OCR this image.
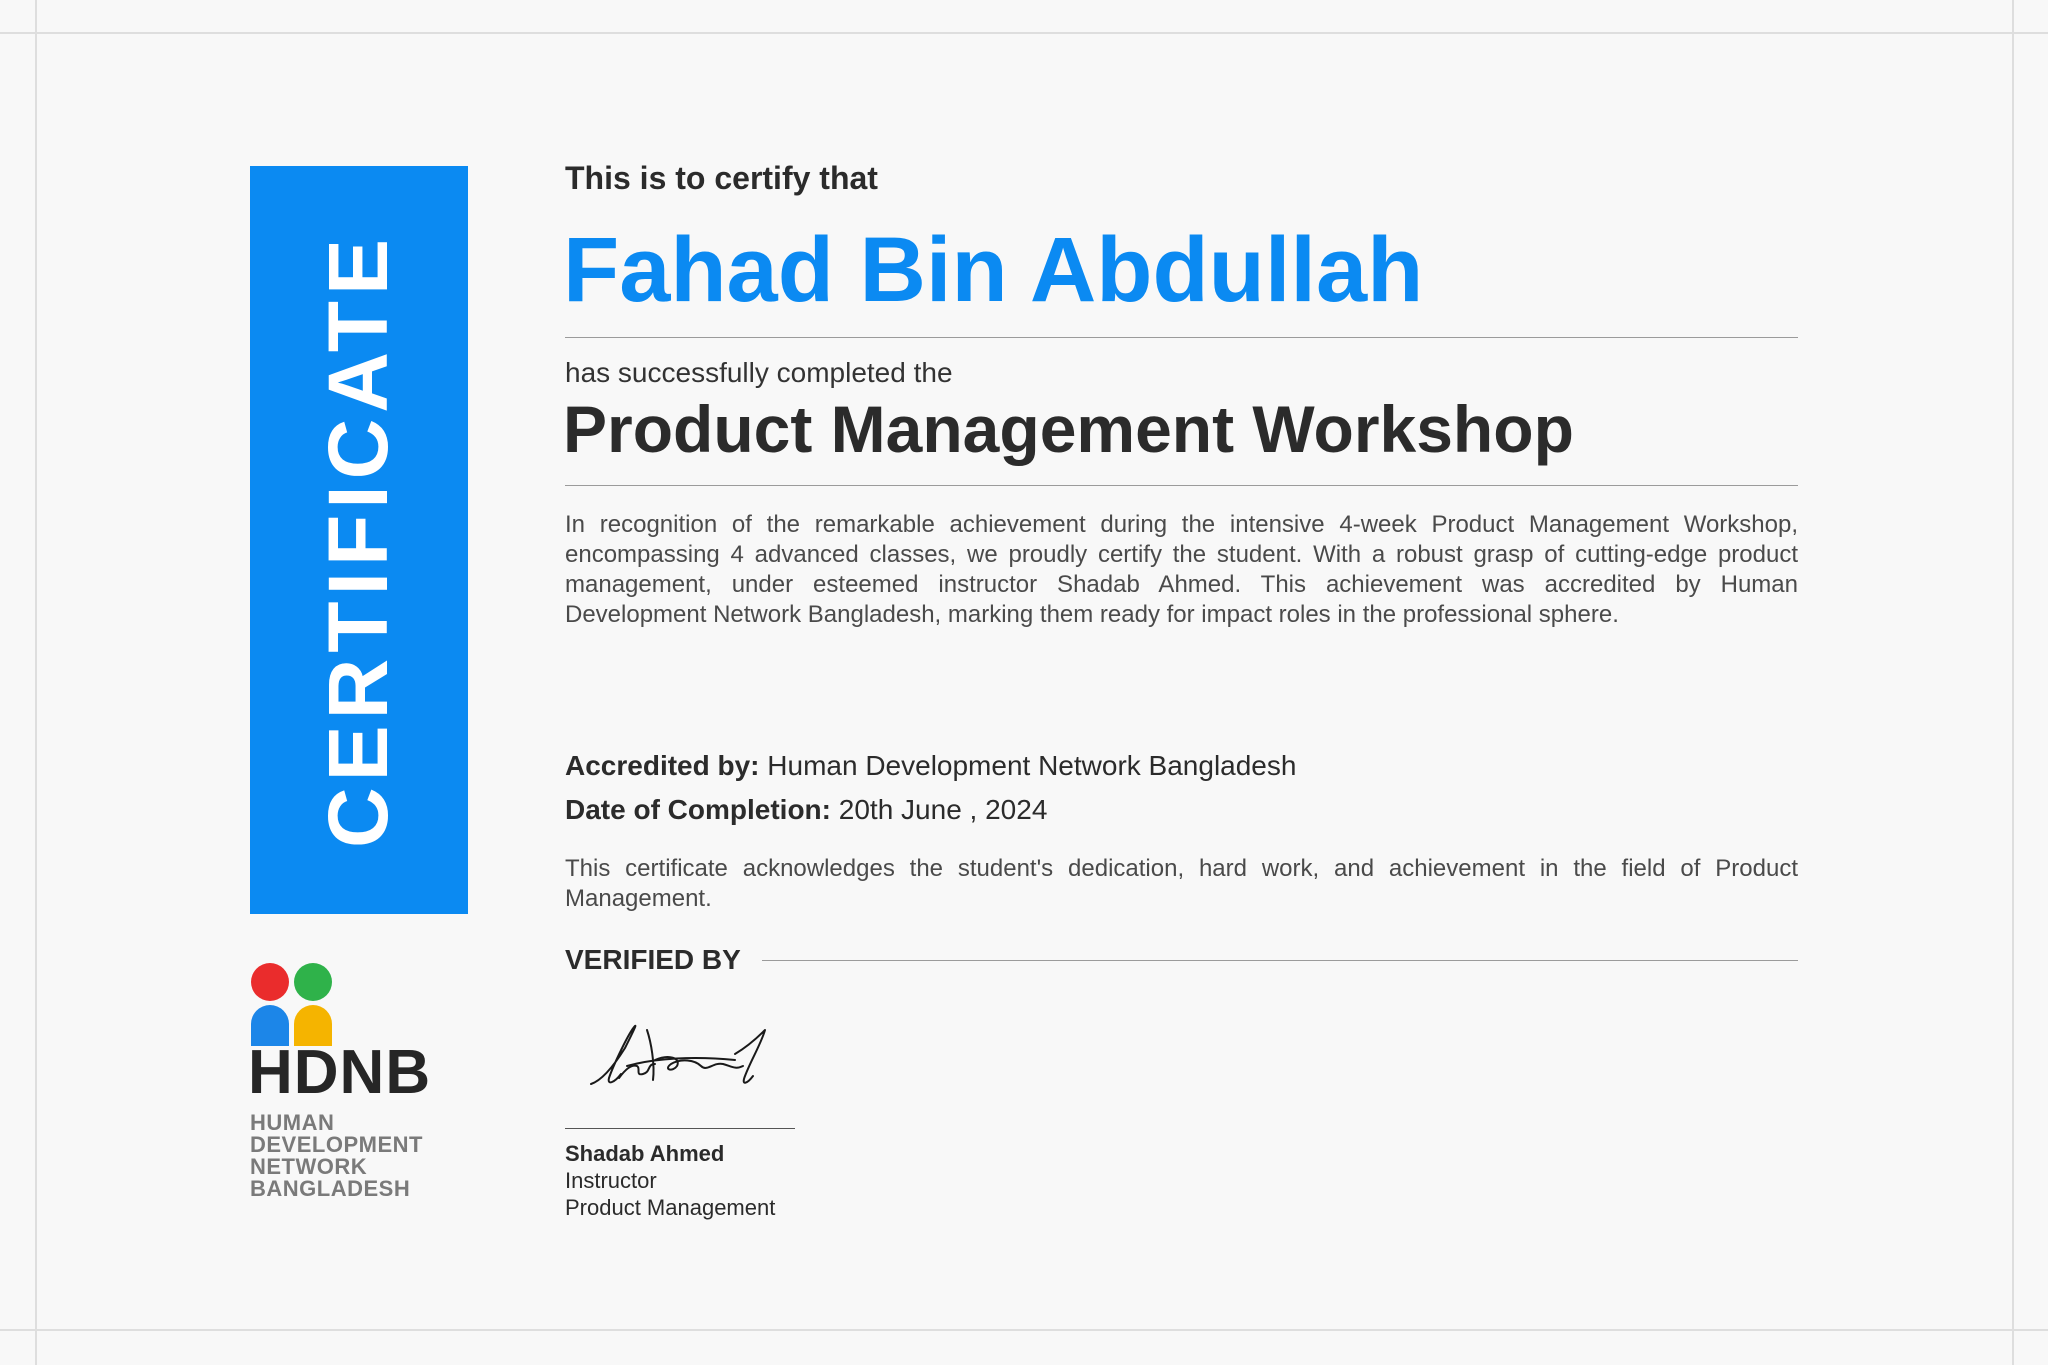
CERTIFICATE
HDNB
HUMAN
DEVELOPMENT
NETWORK
BANGLADESH
This is to certify that
Fahad Bin Abdullah
has successfully completed the
Product Management Workshop
In recognition of the remarkable achievement during the intensive 4-week Product Management Workshop, encompassing 4 advanced classes, we proudly certify the student. With a robust grasp of cutting-edge product management, under esteemed instructor Shadab Ahmed. This achievement was accredited by Human Development Network Bangladesh, marking them ready for impact roles in the professional sphere.
Accredited by: Human Development Network Bangladesh
Date of Completion: 20th June , 2024
This certificate acknowledges the student's dedication, hard work, and achievement in the field of Product Management.
VERIFIED BY
Shadab Ahmed
Instructor
Product Management
